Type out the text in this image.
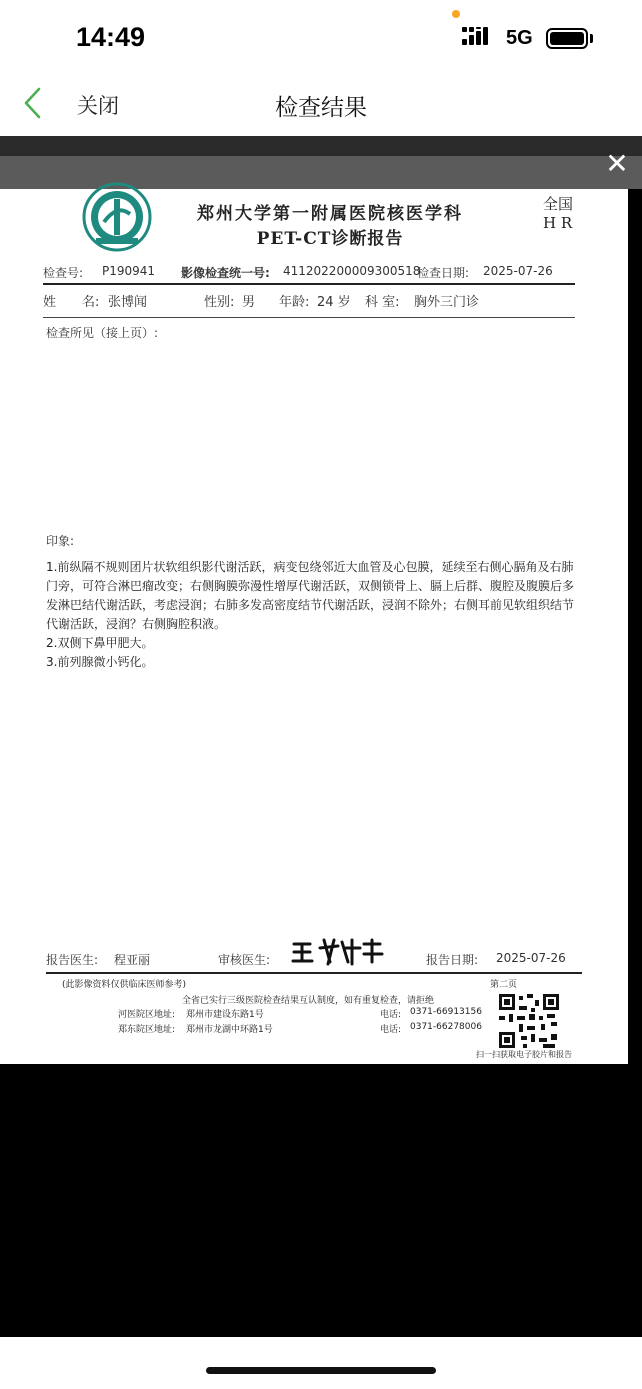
14:49	5G
关闭	检查结果
✕
郑州大学第一附属医院核医学科
PET-CT诊断报告
全国
H R
检查号: P190941 影像检查统一号: 411202200009300518
检查日期: 2025-07-26
姓　　名: 张博闻	性别: 男 年龄: 24 岁 科 室: 胸外三门诊
检查所见（接上页）:
印象:

1.前纵隔不规则团片状软组织影代谢活跃，病变包绕邻近大血管及心包膜，延续至右侧心膈角及右肺门旁，可符合淋巴瘤改变；右侧胸膜弥漫性增厚代谢活跃，双侧锁骨上、膈上后群、腹腔及腹膜后多发淋巴结代谢活跃，考虑浸润；右肺多发高密度结节代谢活跃，浸润不除外；右侧耳前见软组织结节代谢活跃，浸润？右侧胸腔积液。

2.双侧下鼻甲肥大。

3.前列腺微小钙化。

报告医生: 程亚丽	审核医生:	报告日期: 2025-07-26
(此影像资料仅供临床医师参考)	第二页
全省已实行三级医院检查结果互认制度，如有重复检查，请拒绝
河医院区地址: 郑州市建设东路1号	电话: 0371-66913156
郑东院区地址: 郑州市龙湖中环路1号	电话: 0371-66278006
扫一扫获取电子胶片和报告
